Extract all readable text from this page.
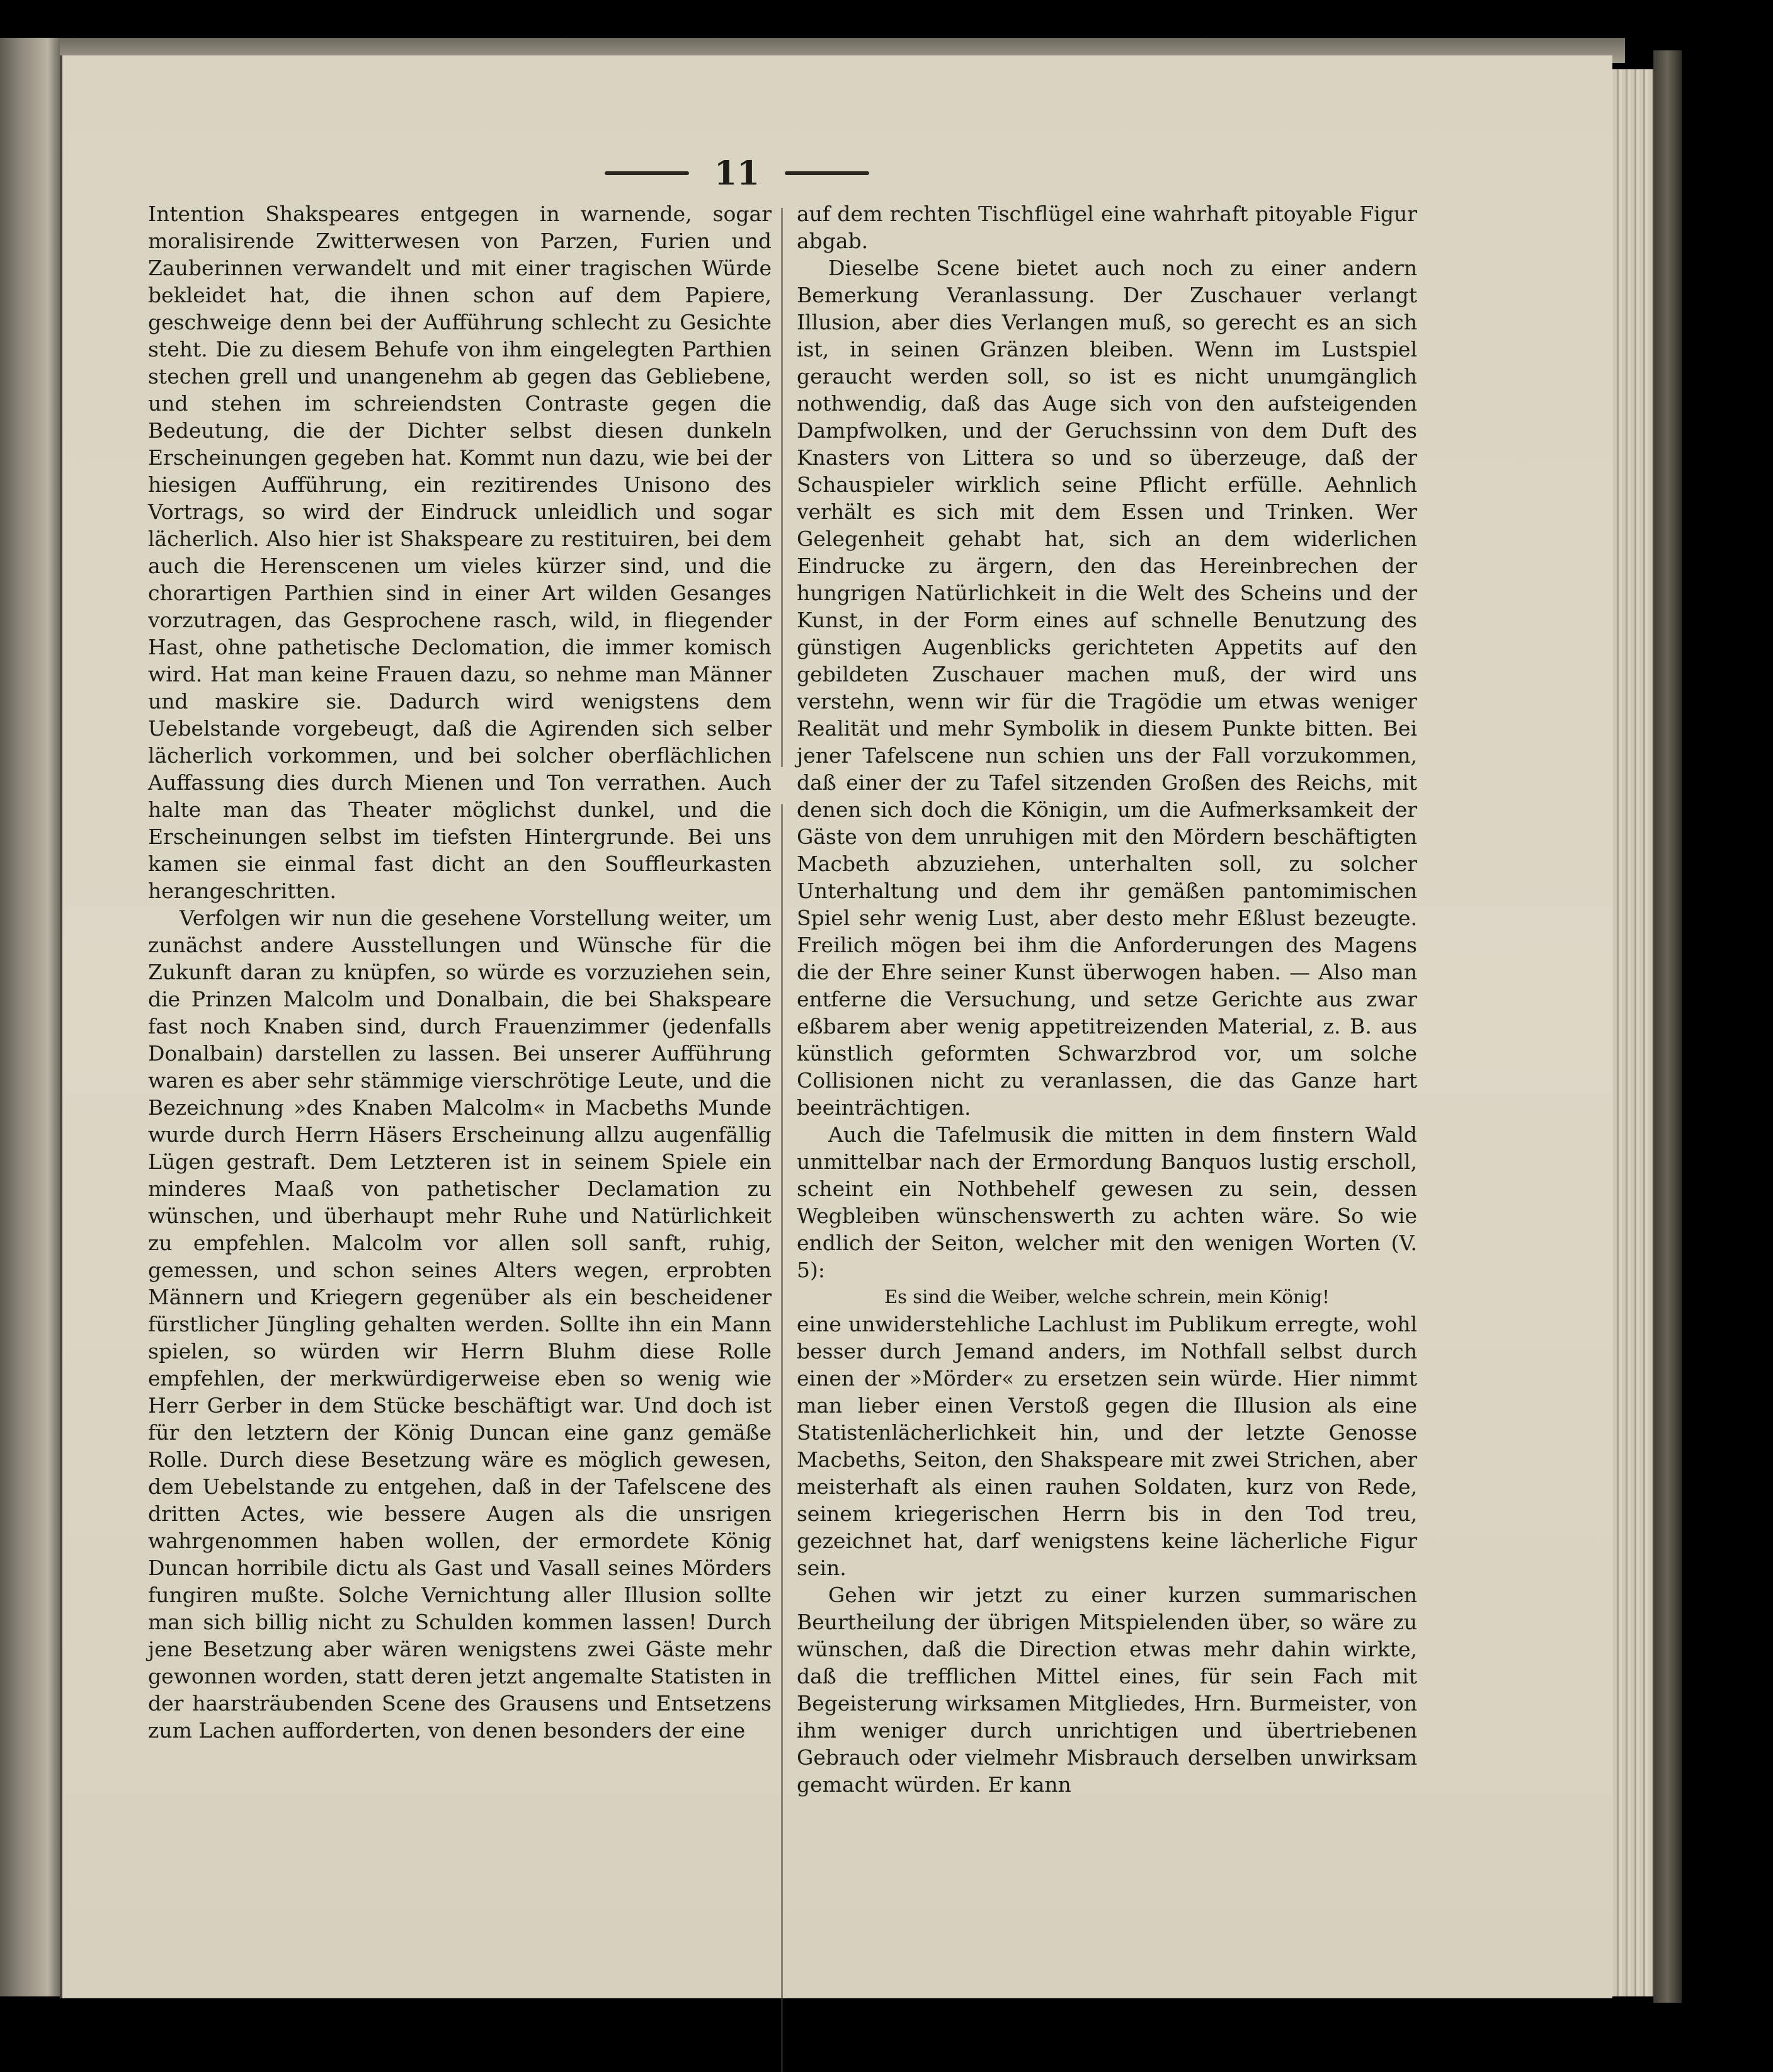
11

Intention Shakspeares entgegen in warnende, sogar moralisirende Zwitterwesen von Parzen, Furien und Zauberinnen verwandelt und mit einer tragischen Würde bekleidet hat, die ihnen schon auf dem Papiere, geschweige denn bei der Aufführung schlecht zu Gesichte steht. Die zu diesem Behufe von ihm eingelegten Parthien stechen grell und unangenehm ab gegen das Gebliebene, und stehen im schreiendsten Contraste gegen die Bedeutung, die der Dichter selbst diesen dunkeln Erscheinungen gegeben hat. Kommt nun dazu, wie bei der hiesigen Aufführung, ein rezitirendes Unisono des Vortrags, so wird der Eindruck unleidlich und sogar lächerlich. Also hier ist Shakspeare zu restituiren, bei dem auch die Herenscenen um vieles kürzer sind, und die chorartigen Parthien sind in einer Art wilden Gesanges vorzutragen, das Gesprochene rasch, wild, in fliegender Hast, ohne pathetische Declomation, die immer komisch wird. Hat man keine Frauen dazu, so nehme man Männer und maskire sie. Dadurch wird wenigstens dem Uebelstande vorgebeugt, daß die Agirenden sich selber lächerlich vorkommen, und bei solcher oberflächlichen Auffassung dies durch Mienen und Ton verrathen. Auch halte man das Theater möglichst dunkel, und die Erscheinungen selbst im tiefsten Hintergrunde. Bei uns kamen sie einmal fast dicht an den Souffleurkasten herangeschritten.

Verfolgen wir nun die gesehene Vorstellung weiter, um zunächst andere Ausstellungen und Wünsche für die Zukunft daran zu knüpfen, so würde es vorzuziehen sein, die Prinzen Malcolm und Donalbain, die bei Shakspeare fast noch Knaben sind, durch Frauenzimmer (jedenfalls Donalbain) darstellen zu lassen. Bei unserer Aufführung waren es aber sehr stämmige vierschrötige Leute, und die Bezeichnung »des Knaben Malcolm« in Macbeths Munde wurde durch Herrn Häsers Erscheinung allzu augenfällig Lügen gestraft. Dem Letzteren ist in seinem Spiele ein minderes Maaß von pathetischer Declamation zu wünschen, und überhaupt mehr Ruhe und Natürlichkeit zu empfehlen. Malcolm vor allen soll sanft, ruhig, gemessen, und schon seines Alters wegen, erprobten Männern und Kriegern gegenüber als ein bescheidener fürstlicher Jüngling gehalten werden. Sollte ihn ein Mann spielen, so würden wir Herrn Bluhm diese Rolle empfehlen, der merkwürdigerweise eben so wenig wie Herr Gerber in dem Stücke beschäftigt war. Und doch ist für den letztern der König Duncan eine ganz gemäße Rolle. Durch diese Besetzung wäre es möglich gewesen, dem Uebelstande zu entgehen, daß in der Tafelscene des dritten Actes, wie bessere Augen als die unsrigen wahrgenommen haben wollen, der ermordete König Duncan horribile dictu als Gast und Vasall seines Mörders fungiren mußte. Solche Vernichtung aller Illusion sollte man sich billig nicht zu Schulden kommen lassen! Durch jene Besetzung aber wären wenigstens zwei Gäste mehr gewonnen worden, statt deren jetzt angemalte Statisten in der haarsträubenden Scene des Grausens und Entsetzens zum Lachen aufforderten, von denen besonders der eine

auf dem rechten Tischflügel eine wahrhaft pitoyable Figur abgab.

Dieselbe Scene bietet auch noch zu einer andern Bemerkung Veranlassung. Der Zuschauer verlangt Illusion, aber dies Verlangen muß, so gerecht es an sich ist, in seinen Gränzen bleiben. Wenn im Lustspiel geraucht werden soll, so ist es nicht unumgänglich nothwendig, daß das Auge sich von den aufsteigenden Dampfwolken, und der Geruchssinn von dem Duft des Knasters von Littera so und so überzeuge, daß der Schauspieler wirklich seine Pflicht erfülle. Aehnlich verhält es sich mit dem Essen und Trinken. Wer Gelegenheit gehabt hat, sich an dem widerlichen Eindrucke zu ärgern, den das Hereinbrechen der hungrigen Natürlichkeit in die Welt des Scheins und der Kunst, in der Form eines auf schnelle Benutzung des günstigen Augenblicks gerichteten Appetits auf den gebildeten Zuschauer machen muß, der wird uns verstehn, wenn wir für die Tragödie um etwas weniger Realität und mehr Symbolik in diesem Punkte bitten. Bei jener Tafelscene nun schien uns der Fall vorzukommen, daß einer der zu Tafel sitzenden Großen des Reichs, mit denen sich doch die Königin, um die Aufmerksamkeit der Gäste von dem unruhigen mit den Mördern beschäftigten Macbeth abzuziehen, unterhalten soll, zu solcher Unterhaltung und dem ihr gemäßen pantomimischen Spiel sehr wenig Lust, aber desto mehr Eßlust bezeugte. Freilich mögen bei ihm die Anforderungen des Magens die der Ehre seiner Kunst überwogen haben. — Also man entferne die Versuchung, und setze Gerichte aus zwar eßbarem aber wenig appetitreizenden Material, z. B. aus künstlich geformten Schwarzbrod vor, um solche Collisionen nicht zu veranlassen, die das Ganze hart beeinträchtigen.

Auch die Tafelmusik die mitten in dem finstern Wald unmittelbar nach der Ermordung Banquos lustig erscholl, scheint ein Nothbehelf gewesen zu sein, dessen Wegbleiben wünschenswerth zu achten wäre. So wie endlich der Seiton, welcher mit den wenigen Worten (V. 5):

Es sind die Weiber, welche schrein, mein König!

eine unwiderstehliche Lachlust im Publikum erregte, wohl besser durch Jemand anders, im Nothfall selbst durch einen der »Mörder« zu ersetzen sein würde. Hier nimmt man lieber einen Verstoß gegen die Illusion als eine Statistenlächerlichkeit hin, und der letzte Genosse Macbeths, Seiton, den Shakspeare mit zwei Strichen, aber meisterhaft als einen rauhen Soldaten, kurz von Rede, seinem kriegerischen Herrn bis in den Tod treu, gezeichnet hat, darf wenigstens keine lächerliche Figur sein.

Gehen wir jetzt zu einer kurzen summarischen Beurtheilung der übrigen Mitspielenden über, so wäre zu wünschen, daß die Direction etwas mehr dahin wirkte, daß die trefflichen Mittel eines, für sein Fach mit Begeisterung wirksamen Mitgliedes, Hrn. Burmeister, von ihm weniger durch unrichtigen und übertriebenen Gebrauch oder vielmehr Misbrauch derselben unwirksam gemacht würden. Er kann
